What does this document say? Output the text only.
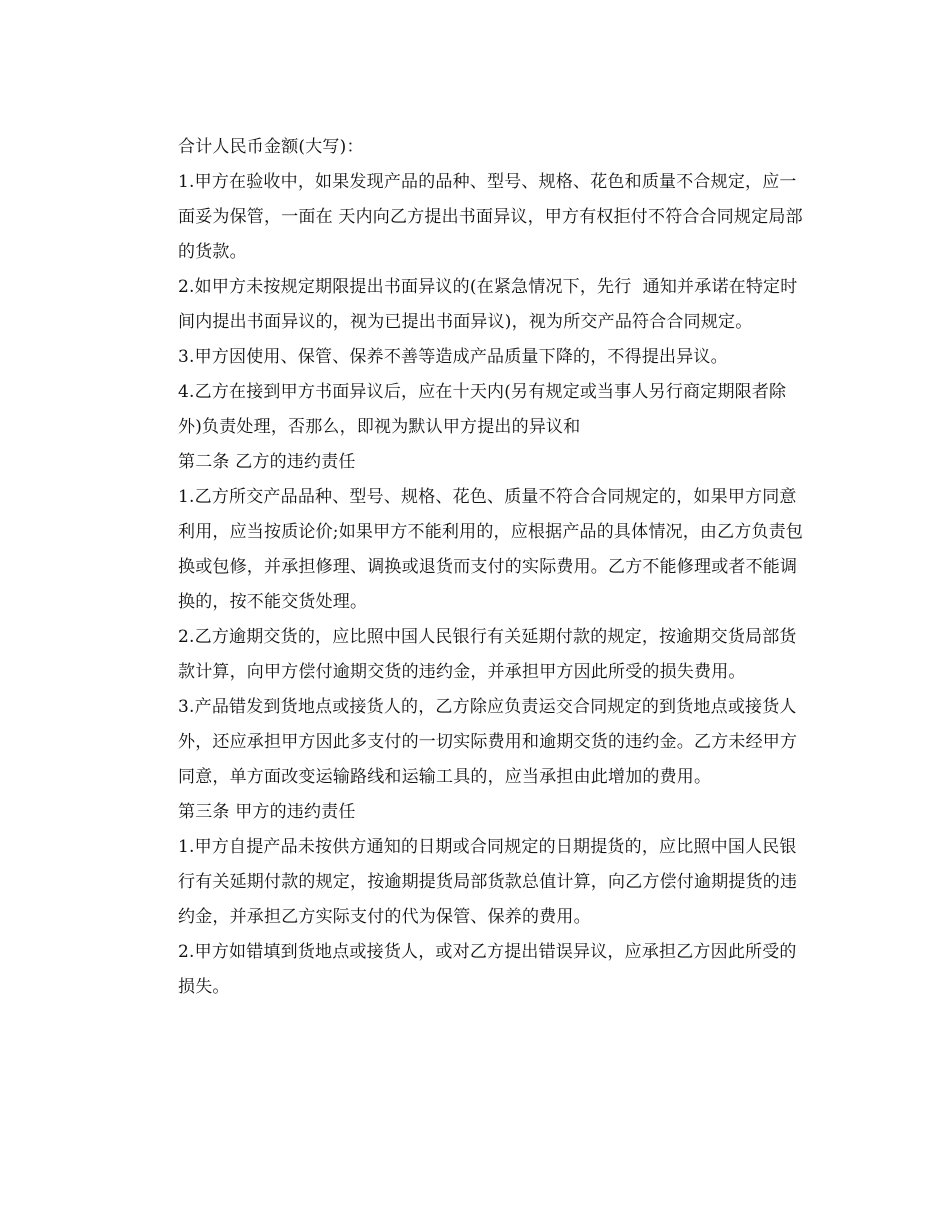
合计人民币金额(大写)：

1.甲方在验收中，如果发现产品的品种、型号、规格、花色和质量不合规定，应一面妥为保管，一面在 天内向乙方提出书面异议，甲方有权拒付不符合合同规定局部的货款。

2.如甲方未按规定期限提出书面异议的(在紧急情况下，先行  通知并承诺在特定时间内提出书面异议的，视为已提出书面异议)，视为所交产品符合合同规定。

3.甲方因使用、保管、保养不善等造成产品质量下降的，不得提出异议。

4.乙方在接到甲方书面异议后，应在十天内(另有规定或当事人另行商定期限者除外)负责处理，否那么，即视为默认甲方提出的异议和

第二条 乙方的违约责任

1.乙方所交产品品种、型号、规格、花色、质量不符合合同规定的，如果甲方同意利用，应当按质论价;如果甲方不能利用的，应根据产品的具体情况，由乙方负责包换或包修，并承担修理、调换或退货而支付的实际费用。乙方不能修理或者不能调换的，按不能交货处理。

2.乙方逾期交货的，应比照中国人民银行有关延期付款的规定，按逾期交货局部货款计算，向甲方偿付逾期交货的违约金，并承担甲方因此所受的损失费用。

3.产品错发到货地点或接货人的，乙方除应负责运交合同规定的到货地点或接货人外，还应承担甲方因此多支付的一切实际费用和逾期交货的违约金。乙方未经甲方同意，单方面改变运输路线和运输工具的，应当承担由此增加的费用。

第三条 甲方的违约责任

1.甲方自提产品未按供方通知的日期或合同规定的日期提货的，应比照中国人民银行有关延期付款的规定，按逾期提货局部货款总值计算，向乙方偿付逾期提货的违约金，并承担乙方实际支付的代为保管、保养的费用。

2.甲方如错填到货地点或接货人，或对乙方提出错误异议，应承担乙方因此所受的损失。
